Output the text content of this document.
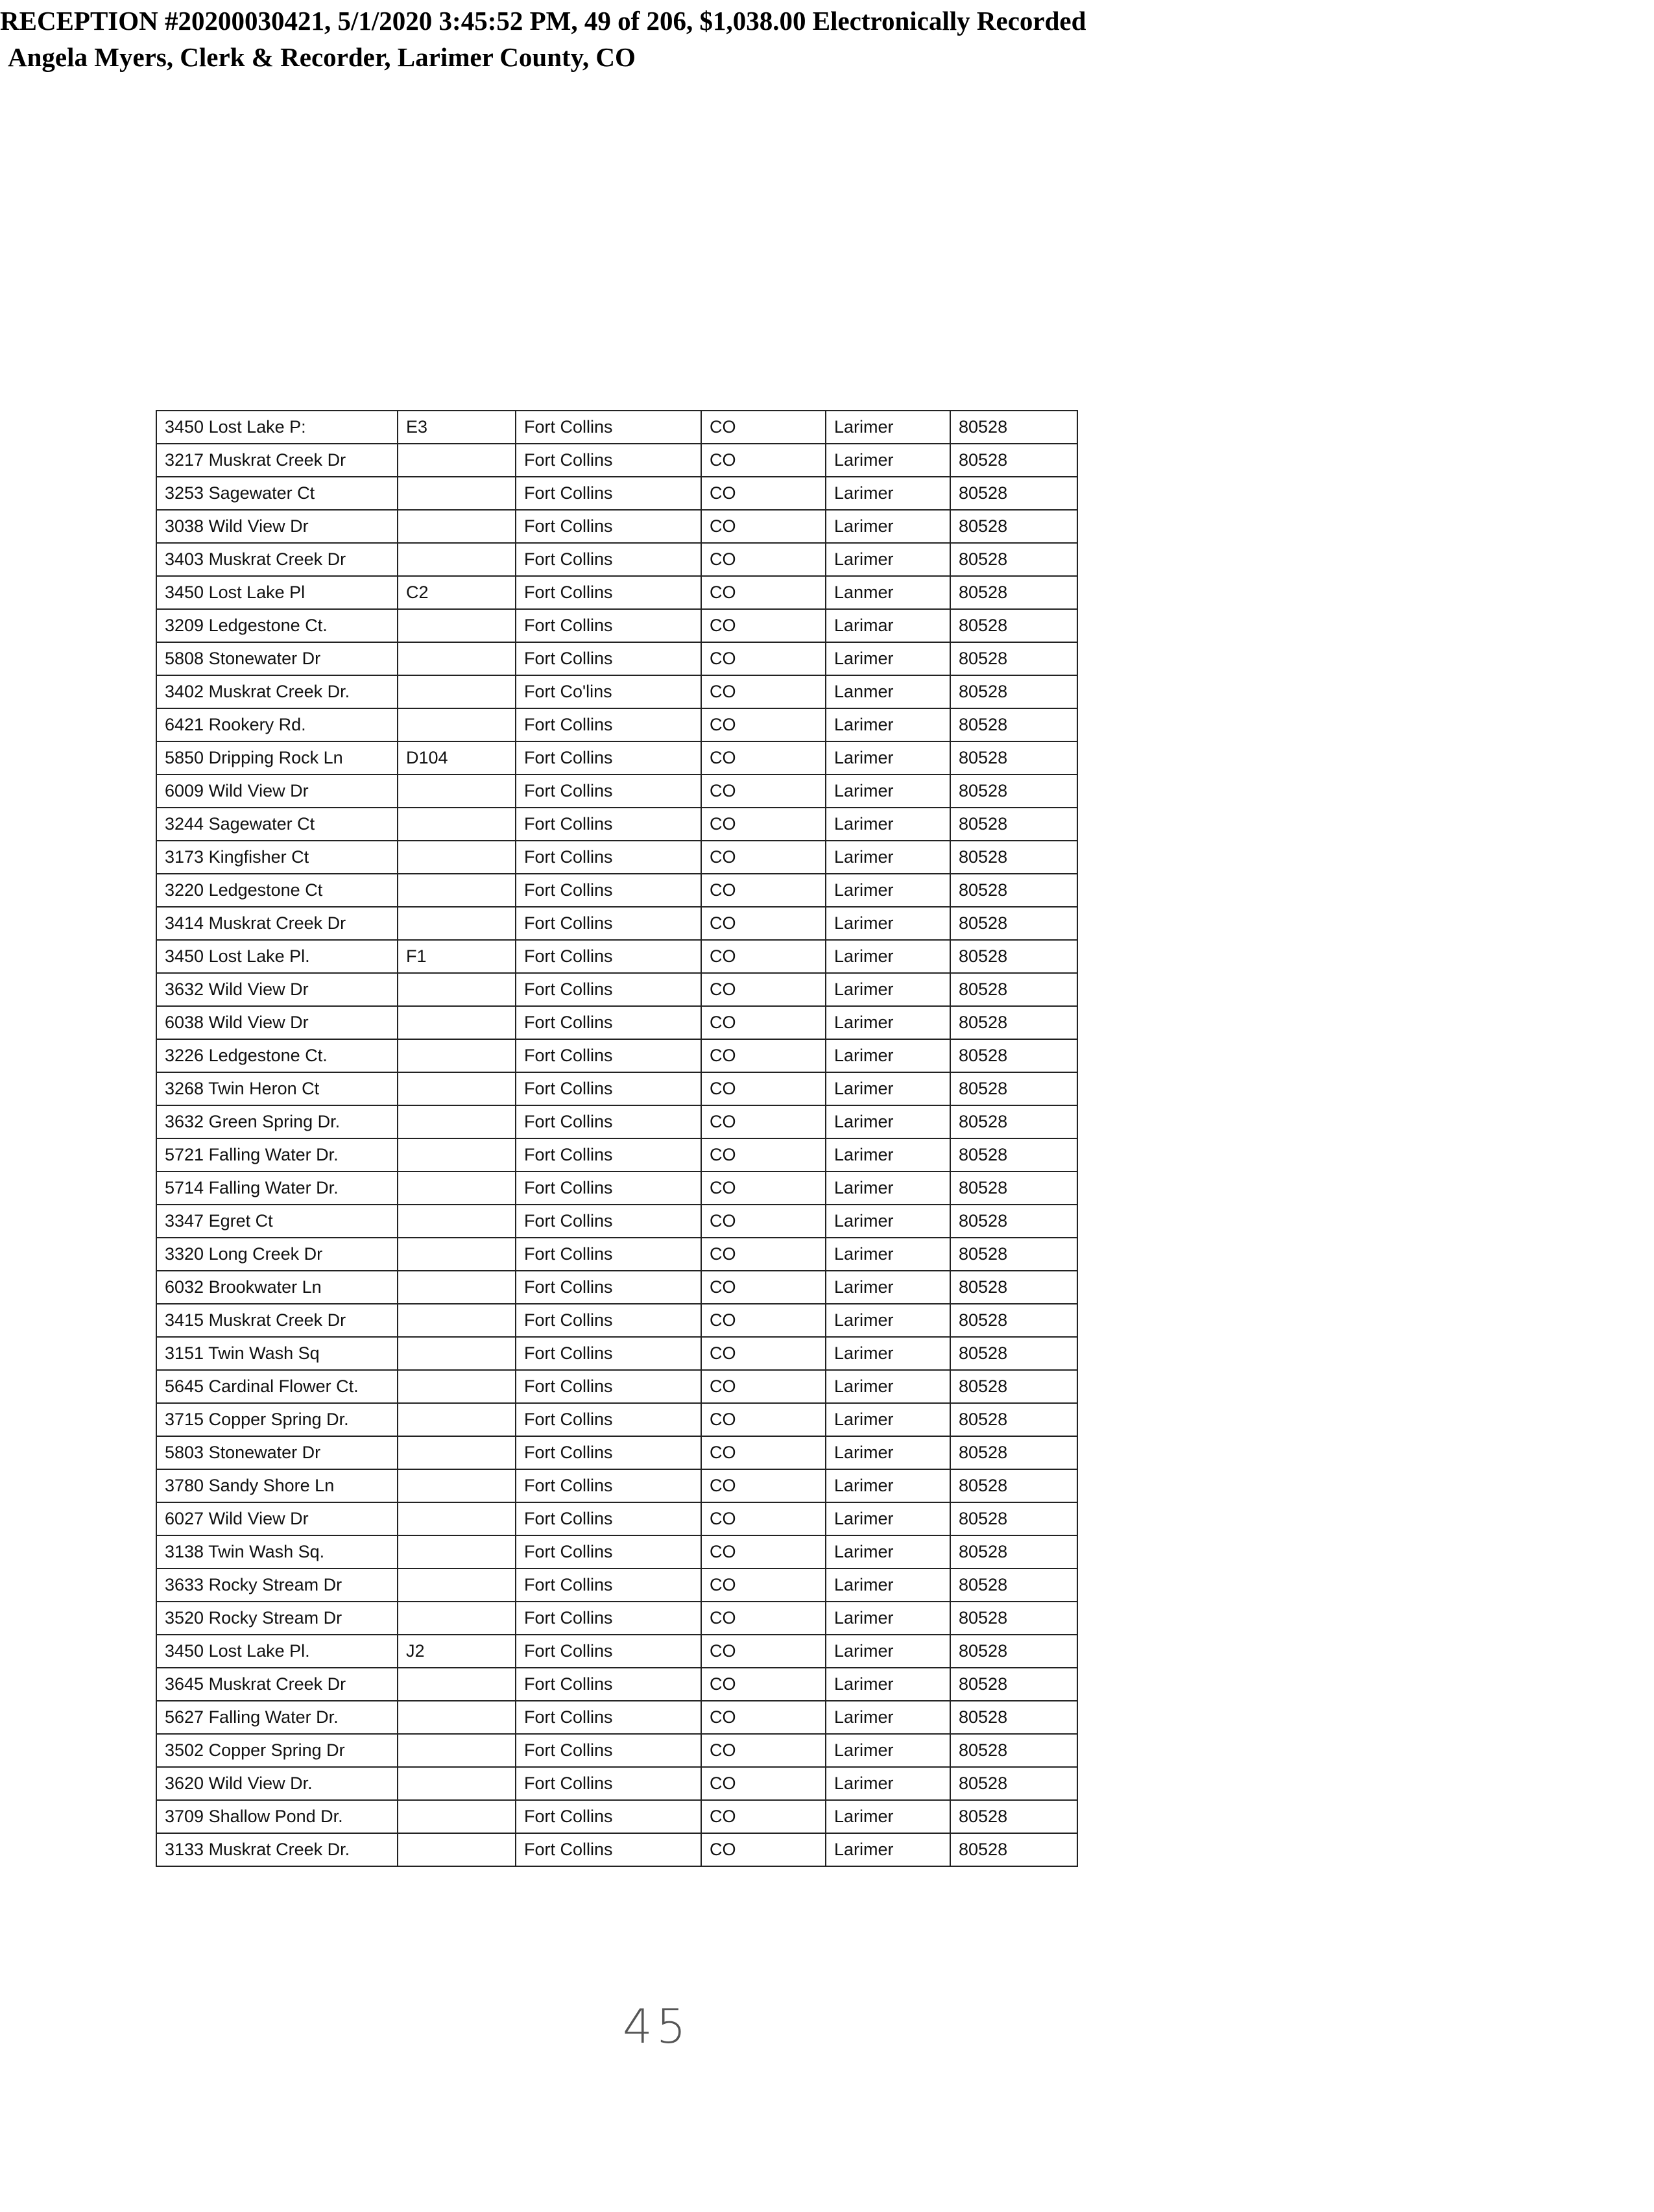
RECEPTION #20200030421, 5/1/2020 3:45:52 PM, 49 of 206, $1,038.00 Electronically Recorded
Angela Myers, Clerk & Recorder, Larimer County, CO
3450 Lost Lake P:	E3	Fort Collins	CO	Larimer	80528
3217 Muskrat Creek Dr		Fort Collins	CO	Larimer	80528
3253 Sagewater Ct		Fort Collins	CO	Larimer	80528
3038 Wild View Dr		Fort Collins	CO	Larimer	80528
3403 Muskrat Creek Dr		Fort Collins	CO	Larimer	80528
3450 Lost Lake Pl	C2	Fort Collins	CO	Lanmer	80528
3209 Ledgestone Ct.		Fort Collins	CO	Larimar	80528
5808 Stonewater Dr		Fort Collins	CO	Larimer	80528
3402 Muskrat Creek Dr.		Fort Co'lins	CO	Lanmer	80528
6421 Rookery Rd.		Fort Collins	CO	Larimer	80528
5850 Dripping Rock Ln	D104	Fort Collins	CO	Larimer	80528
6009 Wild View Dr		Fort Collins	CO	Larimer	80528
3244 Sagewater Ct		Fort Collins	CO	Larimer	80528
3173 Kingfisher Ct		Fort Collins	CO	Larimer	80528
3220 Ledgestone Ct		Fort Collins	CO	Larimer	80528
3414 Muskrat Creek Dr		Fort Collins	CO	Larimer	80528
3450 Lost Lake Pl.	F1	Fort Collins	CO	Larimer	80528
3632 Wild View Dr		Fort Collins	CO	Larimer	80528
6038 Wild View Dr		Fort Collins	CO	Larimer	80528
3226 Ledgestone Ct.		Fort Collins	CO	Larimer	80528
3268 Twin Heron Ct		Fort Collins	CO	Larimer	80528
3632 Green Spring Dr.		Fort Collins	CO	Larimer	80528
5721 Falling Water Dr.		Fort Collins	CO	Larimer	80528
5714 Falling Water Dr.		Fort Collins	CO	Larimer	80528
3347 Egret Ct		Fort Collins	CO	Larimer	80528
3320 Long Creek Dr		Fort Collins	CO	Larimer	80528
6032 Brookwater Ln		Fort Collins	CO	Larimer	80528
3415 Muskrat Creek Dr		Fort Collins	CO	Larimer	80528
3151 Twin Wash Sq		Fort Collins	CO	Larimer	80528
5645 Cardinal Flower Ct.		Fort Collins	CO	Larimer	80528
3715 Copper Spring Dr.		Fort Collins	CO	Larimer	80528
5803 Stonewater Dr		Fort Collins	CO	Larimer	80528
3780 Sandy Shore Ln		Fort Collins	CO	Larimer	80528
6027 Wild View Dr		Fort Collins	CO	Larimer	80528
3138 Twin Wash Sq.		Fort Collins	CO	Larimer	80528
3633 Rocky Stream Dr		Fort Collins	CO	Larimer	80528
3520 Rocky Stream Dr		Fort Collins	CO	Larimer	80528
3450 Lost Lake Pl.	J2	Fort Collins	CO	Larimer	80528
3645 Muskrat Creek Dr		Fort Collins	CO	Larimer	80528
5627 Falling Water Dr.		Fort Collins	CO	Larimer	80528
3502 Copper Spring Dr		Fort Collins	CO	Larimer	80528
3620 Wild View Dr.		Fort Collins	CO	Larimer	80528
3709 Shallow Pond Dr.		Fort Collins	CO	Larimer	80528
3133 Muskrat Creek Dr.		Fort Collins	CO	Larimer	80528
45
